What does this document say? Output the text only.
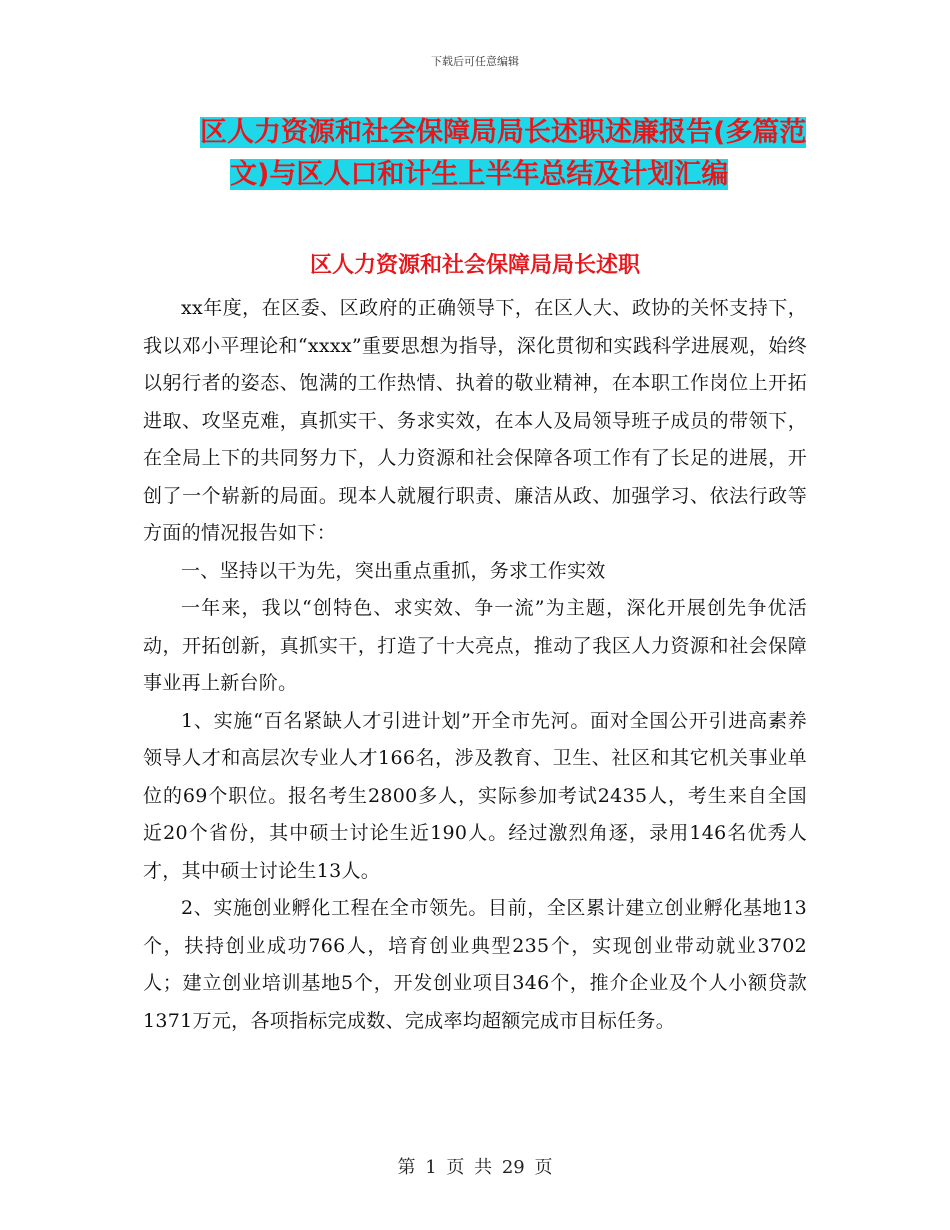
下载后可任意编辑
区人力资源和社会保障局局长述职述廉报告(多篇范
文)与区人口和计生上半年总结及计划汇编
区人力资源和社会保障局局长述职

xx年度，在区委、区政府的正确领导下，在区人大、政协的关怀支持下，我以邓小平理论和“xxxx”重要思想为指导，深化贯彻和实践科学进展观，始终以躬行者的姿态、饱满的工作热情、执着的敬业精神，在本职工作岗位上开拓进取、攻坚克难，真抓实干、务求实效，在本人及局领导班子成员的带领下，在全局上下的共同努力下，人力资源和社会保障各项工作有了长足的进展，开创了一个崭新的局面。现本人就履行职责、廉洁从政、加强学习、依法行政等方面的情况报告如下：

一、坚持以干为先，突出重点重抓，务求工作实效

一年来，我以“创特色、求实效、争一流”为主题，深化开展创先争优活动，开拓创新，真抓实干，打造了十大亮点，推动了我区人力资源和社会保障事业再上新台阶。

1、实施“百名紧缺人才引进计划”开全市先河。面对全国公开引进高素养领导人才和高层次专业人才166名，涉及教育、卫生、社区和其它机关事业单位的69个职位。报名考生2800多人，实际参加考试2435人，考生来自全国近20个省份，其中硕士讨论生近190人。经过激烈角逐，录用146名优秀人才，其中硕士讨论生13人。

2、实施创业孵化工程在全市领先。目前，全区累计建立创业孵化基地13个，扶持创业成功766人，培育创业典型235个，实现创业带动就业3702人；建立创业培训基地5个，开发创业项目346个，推介企业及个人小额贷款1371万元，各项指标完成数、完成率均超额完成市目标任务。

第 1 页 共 29 页
